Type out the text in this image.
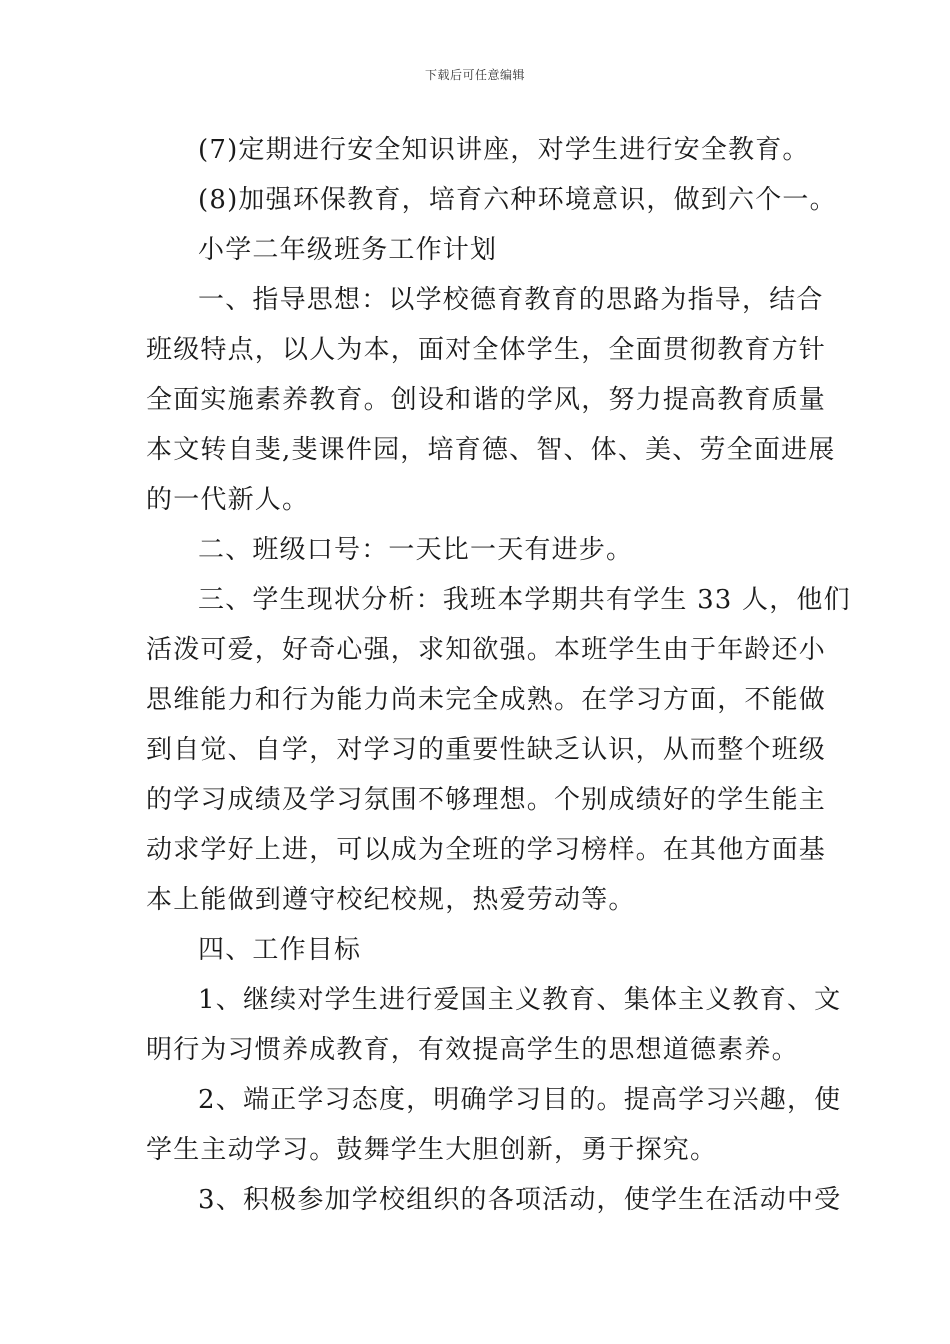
下载后可任意编辑
(7)定期进行安全知识讲座，对学生进行安全教育。
(8)加强环保教育，培育六种环境意识，做到六个一。
小学二年级班务工作计划
一、指导思想：以学校德育教育的思路为指导，结合
班级特点，以人为本，面对全体学生，全面贯彻教育方针
全面实施素养教育。创设和谐的学风，努力提高教育质量
本文转自斐,斐课件园，培育德、智、体、美、劳全面进展
的一代新人。
二、班级口号：一天比一天有进步。
三、学生现状分析：我班本学期共有学生 33 人，他们
活泼可爱，好奇心强，求知欲强。本班学生由于年龄还小
思维能力和行为能力尚未完全成熟。在学习方面，不能做
到自觉、自学，对学习的重要性缺乏认识，从而整个班级
的学习成绩及学习氛围不够理想。个别成绩好的学生能主
动求学好上进，可以成为全班的学习榜样。在其他方面基
本上能做到遵守校纪校规，热爱劳动等。
四、工作目标
1、继续对学生进行爱国主义教育、集体主义教育、文
明行为习惯养成教育，有效提高学生的思想道德素养。
2、端正学习态度，明确学习目的。提高学习兴趣，使
学生主动学习。鼓舞学生大胆创新，勇于探究。
3、积极参加学校组织的各项活动，使学生在活动中受
